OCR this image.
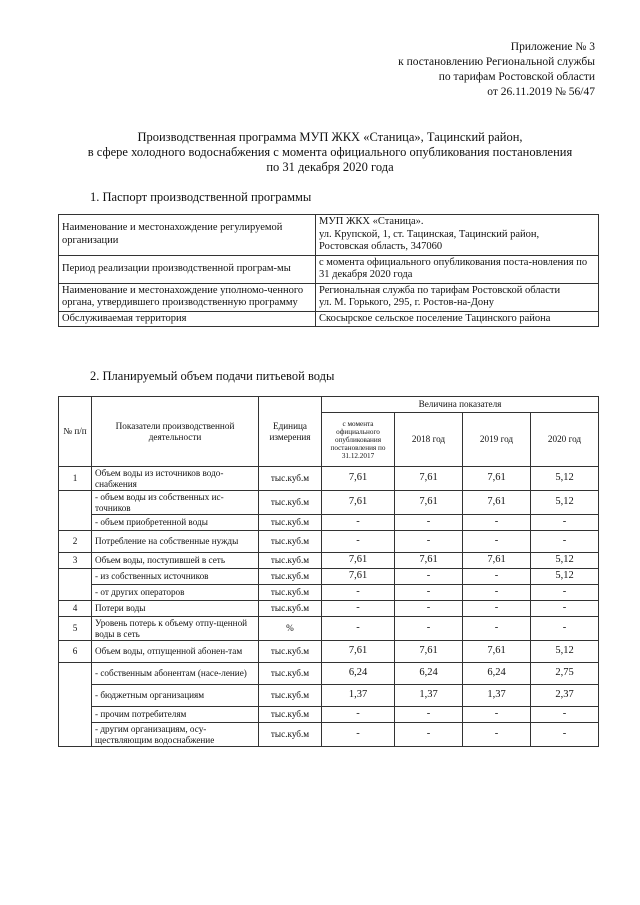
Приложение № 3
к постановлению Региональной службы
по тарифам Ростовской области
от 26.11.2019 № 56/47
Производственная программа МУП ЖКХ «Станица», Тацинский район,
в сфере холодного водоснабжения с момента официального опубликования постановления
по 31 декабря 2020 года
1. Паспорт производственной программы
Наименование и местонахождение регулируемой организации	МУП ЖКХ «Станица».
ул. Крупской, 1, ст. Тацинская, Тацинский район,
Ростовская область, 347060

Период реализации производственной програм-мы	с момента официального опубликования поста-новления по 31 декабря 2020 года

Наименование и местонахождение уполномо-ченного органа, утвердившего производственную программу	Региональная служба по тарифам Ростовской области
ул. М. Горького, 295, г. Ростов-на-Дону

Обслуживаемая территория	Скосырское сельское поселение Тацинского района
2. Планируемый объем подачи питьевой воды
№ п/п	Показатели производственной деятельности	Единица измерения	Величина показателя			
			с момента официального опубликования постановления по 31.12.2017	2018 год	2019 год	2020 год
1	Объем воды из источников водо-снабжения	тыс.куб.м	7,61	7,61	7,61	5,12
	- объем воды из собственных ис-точников	тыс.куб.м	7,61	7,61	7,61	5,12
	- объем приобретенной воды	тыс.куб.м	-	-	-	-
2	Потребление на собственные нужды	тыс.куб.м	-	-	-	-
3	Объем воды, поступившей в сеть	тыс.куб.м	7,61	7,61	7,61	5,12
	- из собственных источников	тыс.куб.м	7,61	-	-	5,12
	- от других операторов	тыс.куб.м	-	-	-	-
4	Потери воды	тыс.куб.м	-	-	-	-
5	Уровень потерь к объему отпу-щенной воды в сеть	%	-	-	-	-
6	Объем воды, отпущенной абонен-там	тыс.куб.м	7,61	7,61	7,61	5,12
	- собственным абонентам (насе-ление)	тыс.куб.м	6,24	6,24	6,24	2,75
	- бюджетным организациям	тыс.куб.м	1,37	1,37	1,37	2,37
	- прочим потребителям	тыс.куб.м	-	-	-	-
	- другим организациям, осу-ществляющим водоснабжение	тыс.куб.м	-	-	-	-
